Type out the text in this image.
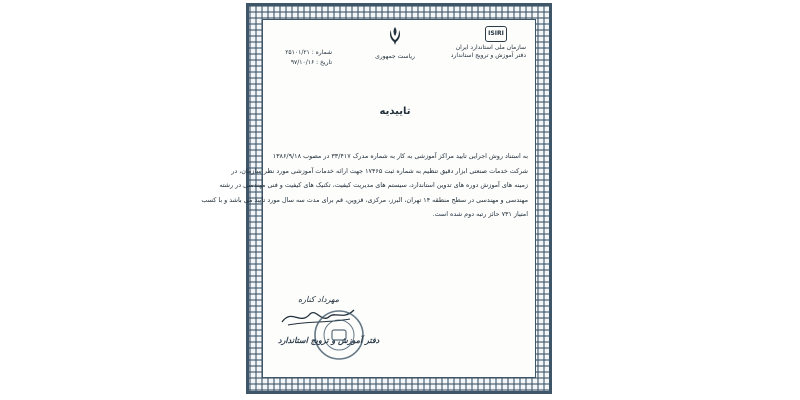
ISIRI
سازمان ملی استاندارد ایران
دفتر آموزش و ترویج استاندارد
ریاست جمهوری
شماره : ۲۵۱۰۱/۲۱
تاریخ : ۹۷/۱۰/۱۶
تاییدیه

به استناد روش اجرایی تایید مراکز آموزشی به کار به شماره مدرک ۳۳/۴۱۷ در مصوب ۱۳۸۶/۹/۱۸

شرکت خدمات صنعتی ابزار دقیق تنظیم به شماره ثبت ۱۷۴۶۵ جهت ارائه خدمات آموزشی مورد نظر سازمان، در

زمینه های آموزش دوره های تدوین استاندارد، سیستم های مدیریت کیفیت، تکنیک های کیفیت و فنی مهندسی در رشته

مهندسی و مهندسی در سطح منطقه ۱۴ تهران، البرز، مرکزی، قزوین، قم برای مدت سه سال مورد تایید می باشد و با کسب

امتیاز ۷۳۱ حائز رتبه دوم شده است.

مهرداد کناره
دفتر آموزش و ترویج استاندارد
